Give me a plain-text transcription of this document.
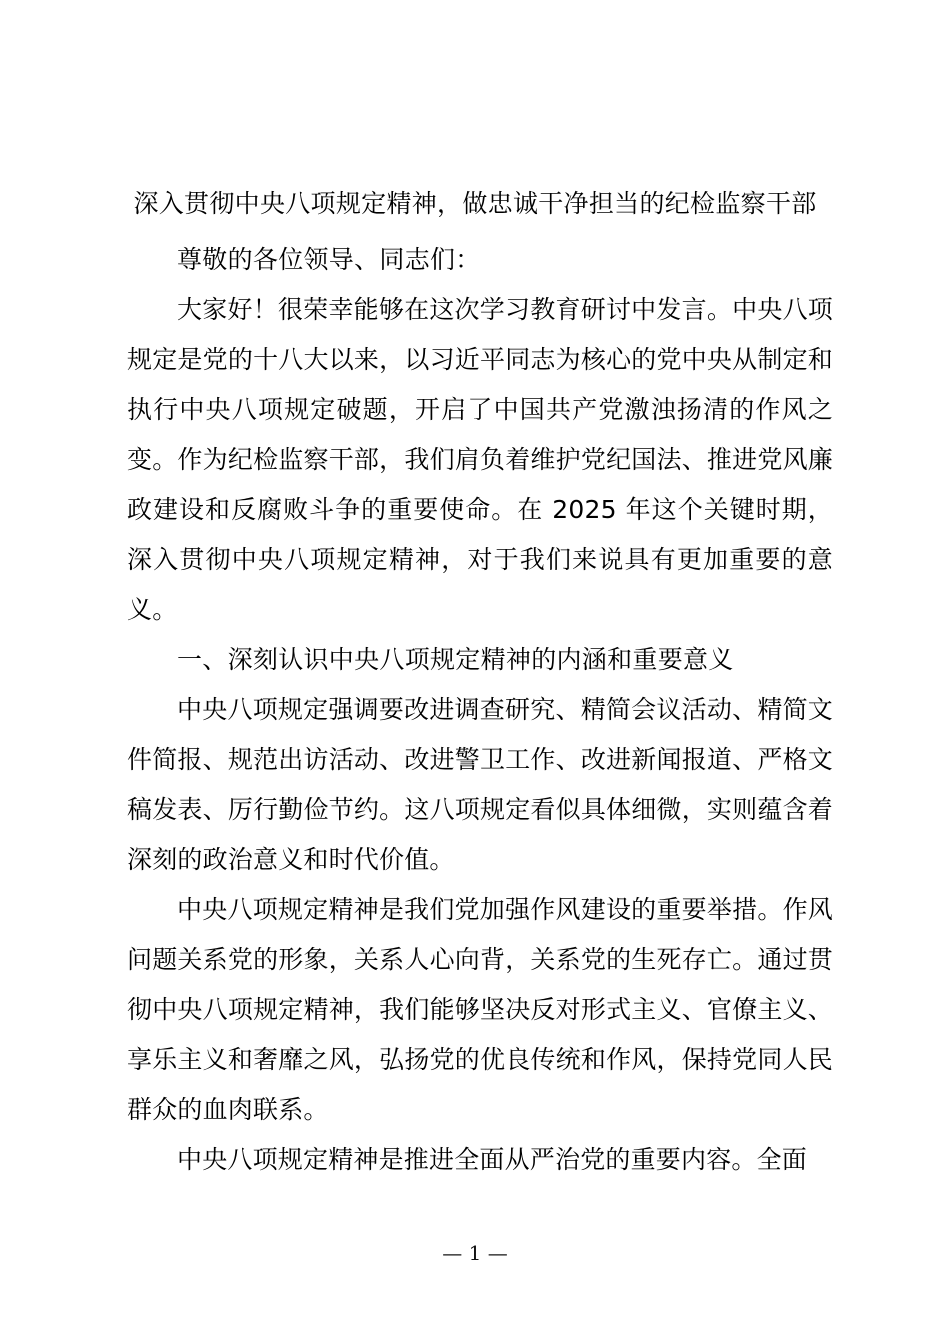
深入贯彻中央八项规定精神，做忠诚干净担当的纪检监察干部

尊敬的各位领导、同志们：

大家好！很荣幸能够在这次学习教育研讨中发言。中央八项规定是党的十八大以来，以习近平同志为核心的党中央从制定和执行中央八项规定破题，开启了中国共产党激浊扬清的作风之变。作为纪检监察干部，我们肩负着维护党纪国法、推进党风廉政建设和反腐败斗争的重要使命。在 2025 年这个关键时期，深入贯彻中央八项规定精神，对于我们来说具有更加重要的意义。

一、深刻认识中央八项规定精神的内涵和重要意义

中央八项规定强调要改进调查研究、精简会议活动、精简文件简报、规范出访活动、改进警卫工作、改进新闻报道、严格文稿发表、厉行勤俭节约。这八项规定看似具体细微，实则蕴含着深刻的政治意义和时代价值。

中央八项规定精神是我们党加强作风建设的重要举措。作风问题关系党的形象，关系人心向背，关系党的生死存亡。通过贯彻中央八项规定精神，我们能够坚决反对形式主义、官僚主义、享乐主义和奢靡之风，弘扬党的优良传统和作风，保持党同人民群众的血肉联系。

中央八项规定精神是推进全面从严治党的重要内容。全面

— 1 —
